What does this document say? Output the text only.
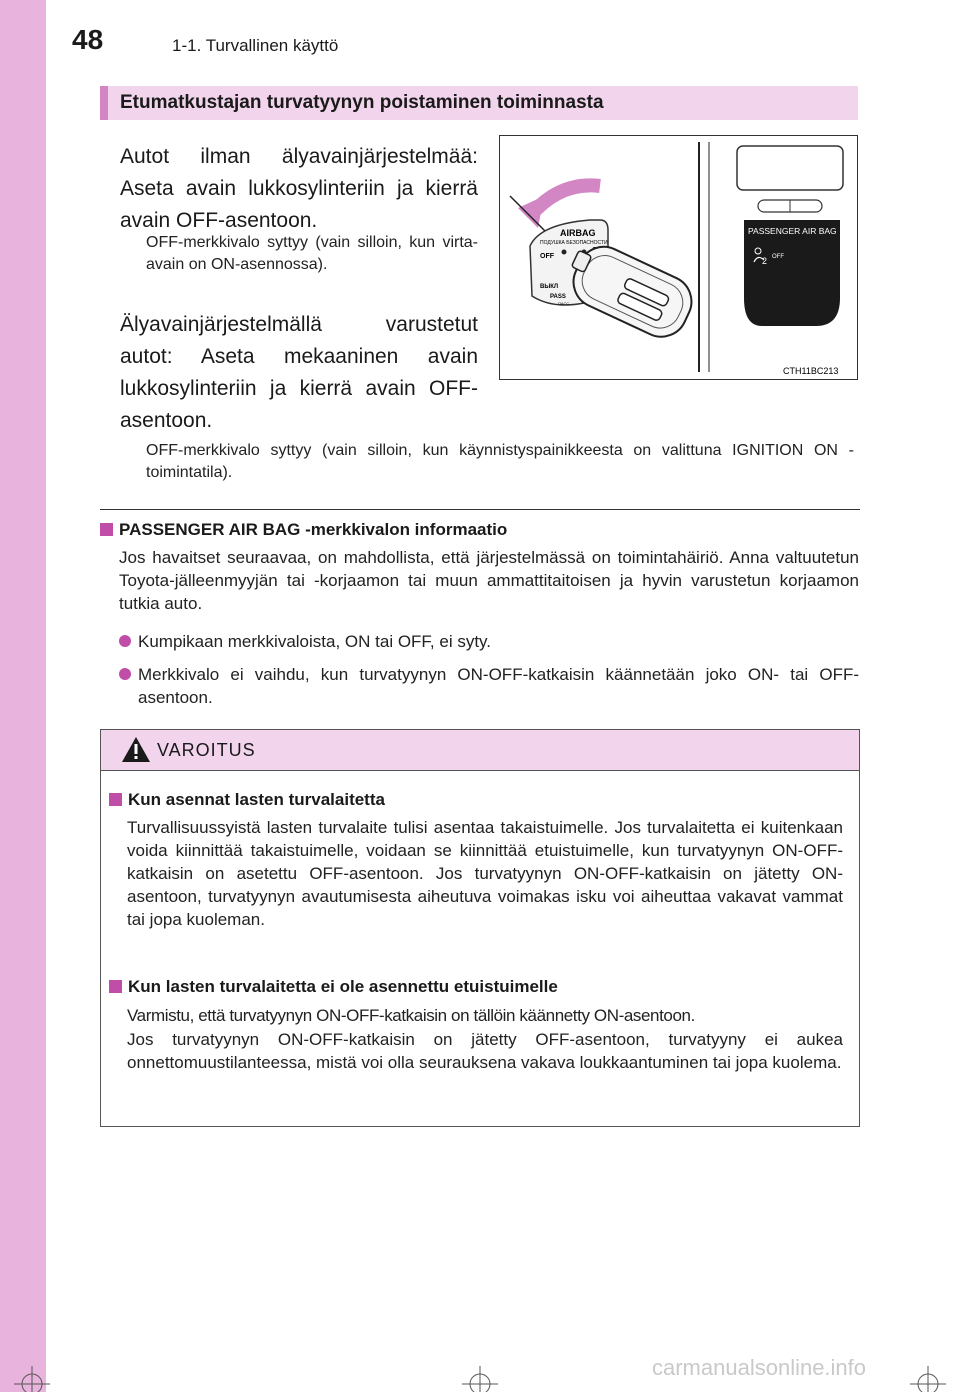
48	1-1. Turvallinen käyttö
Etumatkustajan turvatyynyn poistaminen toiminnasta
Autot ilman älyavainjärjestelmää: Aseta avain lukkosylinteriin ja kierrä avain OFF-asentoon.
OFF-merkkivalo syttyy (vain silloin, kun virta-avain on ON-asennossa).
Älyavainjärjestelmällä varustetut autot: Aseta mekaaninen avain lukkosylinteriin ja kierrä avain OFF-asentoon.
OFF-merkkivalo syttyy (vain silloin, kun käynnistyspainikkeesta on valittuna IGNITION ON -toimintatila).
AIRBAG
ПОДУШКА БЕЗОПАСНОСТИ
OFF
ВЫКЛ
PASS
ПАСС
PASSENGER AIR BAG
2 OFF
CTH11BC213
PASSENGER AIR BAG -merkkivalon informaatio
Jos havaitset seuraavaa, on mahdollista, että järjestelmässä on toimintahäiriö. Anna valtuutetun Toyota-jälleenmyyjän tai -korjaamon tai muun ammattitaitoisen ja hyvin varustetun korjaamon tutkia auto.
Kumpikaan merkkivaloista, ON tai OFF, ei syty.
Merkkivalo ei vaihdu, kun turvatyynyn ON-OFF-katkaisin käännetään joko ON- tai OFF-asentoon.
VAROITUS
Kun asennat lasten turvalaitetta
Turvallisuussyistä lasten turvalaite tulisi asentaa takaistuimelle. Jos turvalaitetta ei kuitenkaan voida kiinnittää takaistuimelle, voidaan se kiinnittää etuistuimelle, kun turvatyynyn ON-OFF-katkaisin on asetettu OFF-asentoon. Jos turvatyynyn ON-OFF-katkaisin on jätetty ON-asentoon, turvatyynyn avautumisesta aiheutuva voimakas isku voi aiheuttaa vakavat vammat tai jopa kuoleman.
Kun lasten turvalaitetta ei ole asennettu etuistuimelle
Varmistu, että turvatyynyn ON-OFF-katkaisin on tällöin käännetty ON-asentoon.
Jos turvatyynyn ON-OFF-katkaisin on jätetty OFF-asentoon, turvatyyny ei aukea onnettomuustilanteessa, mistä voi olla seurauksena vakava loukkaantuminen tai jopa kuolema.
carmanualsonline.info
